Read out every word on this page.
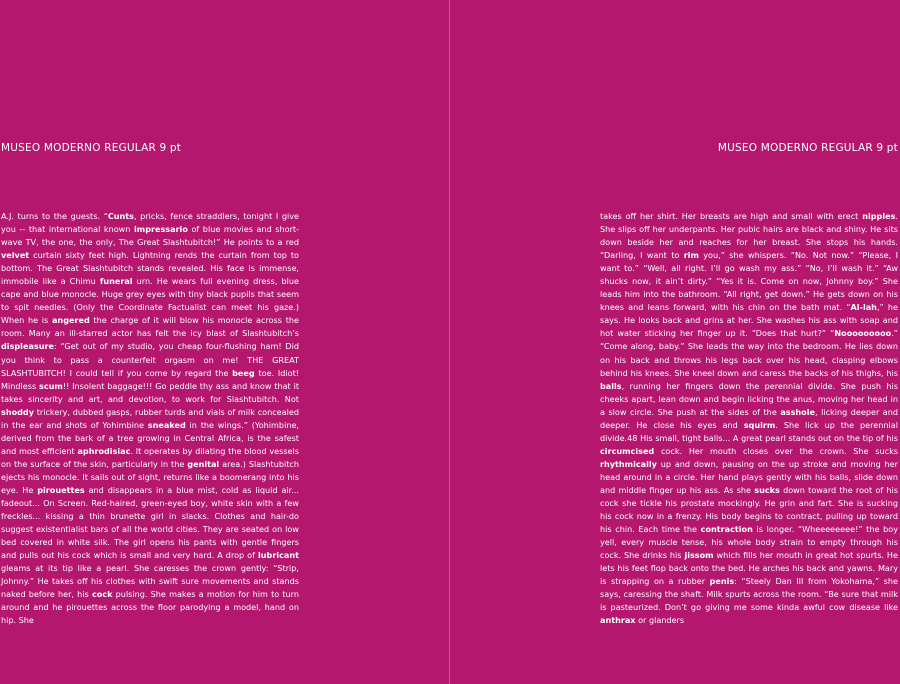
MUSEO MODERNO REGULAR 9 pt

A.J. turns to the guests. “Cunts, pricks, fence straddlers, tonight I give you -- that international known impressario of blue movies and short-wave TV, the one, the only, The Great Slashtubitch!” He points to a red velvet curtain sixty feet high. Lightning rends the curtain from top to bottom. The Great Slashtubitch stands revealed. His face is immense, immobile like a Chimu funeral urn. He wears full evening dress, blue cape and blue monocle. Huge grey eyes with tiny black pupils that seem to spit needles. (Only the Coordinate Factualist can meet his gaze.) When he is angered the charge of it will blow his monocle across the room. Many an ill-starred actor has felt the icy blast of Slashtubitch’s displeasure: “Get out of my studio, you cheap four-flushing ham! Did you think to pass a counterfeit orgasm on me! THE GREAT SLASHTUBITCH! I could tell if you come by regard the beeg toe. Idiot! Mindless scum!! Insolent baggage!!! Go peddle thy ass and know that it takes sincerity and art, and devotion, to work for Slashtubitch. Not shoddy trickery, dubbed gasps, rubber turds and vials of milk concealed in the ear and shots of Yohimbine sneaked in the wings.” (Yohimbine, derived from the bark of a tree growing in Central Africa, is the safest and most efficient aphrodisiac. It operates by dilating the blood vessels on the surface of the skin, particularly in the genital area.) Slashtubitch ejects his monocle. It sails out of sight, returns like a boomerang into his eye. He pirouettes and disappears in a blue mist, cold as liquid air... fadeout... On Screen. Red-haired, green-eyed boy, white skin with a few freckles... kissing a thin brunette girl in slacks. Clothes and hair-do suggest existentialist bars of all the world cities. They are seated on low bed covered in white silk. The girl opens his pants with gentle fingers and pulls out his cock which is small and very hard. A drop of lubricant gleams at its tip like a pearl. She caresses the crown gently: “Strip, Johnny.” He takes off his clothes with swift sure movements and stands naked before her, his cock pulsing. She makes a motion for him to turn around and he pirouettes across the floor parodying a model, hand on hip. She

MUSEO MODERNO REGULAR 9 pt

takes off her shirt. Her breasts are high and small with erect nipples. She slips off her underpants. Her pubic hairs are black and shiny. He sits down beside her and reaches for her breast. She stops his hands. “Darling, I want to rim you,” she whispers. “No. Not now.” “Please, I want to.” “Well, all right. I’ll go wash my ass.” “No, I’ll wash it.” “Aw shucks now, it ain’t dirty.” “Yes it is. Come on now, Johnny boy.” She leads him into the bathroom. “All right, get down.” He gets down on his knees and leans forward, with his chin on the bath mat. “Al-lah,” he says. He looks back and grins at her. She washes his ass with soap and hot water sticking her finger up it. “Does that hurt?” “Nooooooooo.” “Come along, baby.” She leads the way into the bedroom. He lies down on his back and throws his legs back over his head, clasping elbows behind his knees. She kneel down and caress the backs of his thighs, his balls, running her fingers down the perennial divide. She push his cheeks apart, lean down and begin licking the anus, moving her head in a slow circle. She push at the sides of the asshole, licking deeper and deeper. He close his eyes and squirm. She lick up the perennial divide.48 His small, tight balls... A great pearl stands out on the tip of his circumcised cock. Her mouth closes over the crown. She sucks rhythmically up and down, pausing on the up stroke and moving her head around in a circle. Her hand plays gently with his balls, slide down and middle finger up his ass. As she sucks down toward the root of his cock she tickle his prostate mockingly. He grin and fart. She is sucking his cock now in a frenzy. His body begins to contract, pulling up toward his chin. Each time the contraction is longer. “Wheeeeeeee!” the boy yell, every muscle tense, his whole body strain to empty through his cock. She drinks his jissom which fills her mouth in great hot spurts. He lets his feet flop back onto the bed. He arches his back and yawns. Mary is strapping on a rubber penis: “Steely Dan III from Yokohama,” she says, caressing the shaft. Milk spurts across the room. “Be sure that milk is pasteurized. Don’t go giving me some kinda awful cow disease like anthrax or glanders
